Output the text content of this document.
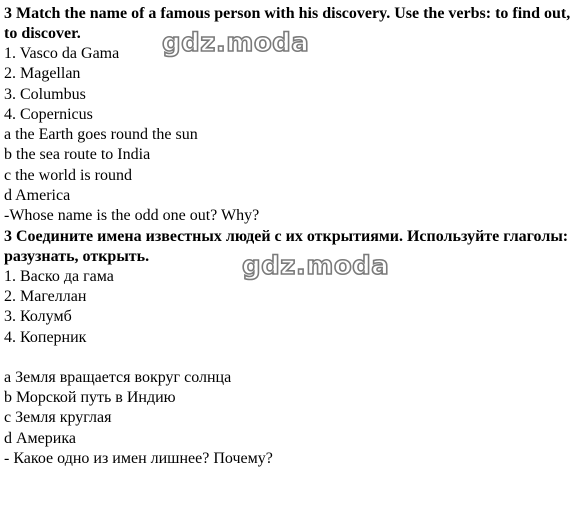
3 Match the name of a famous person with his discovery. Use the verbs: to find out, to discover.

1. Vasco da Gama

2. Magellan

3. Columbus

4. Copernicus

a the Earth goes round the sun

b the sea route to India

c the world is round

d America

-Whose name is the odd one out? Why?

3 Соедините имена известных людей с их открытиями. Используйте глаголы: разузнать, открыть.

1. Васко да гама

2. Магеллан

3. Колумб

4. Коперник

a Земля вращается вокруг солнца

b Морской путь в Индию

c Земля круглая

d Америка

- Какое одно из имен лишнее? Почему?

gdz.moda
gdz.moda
